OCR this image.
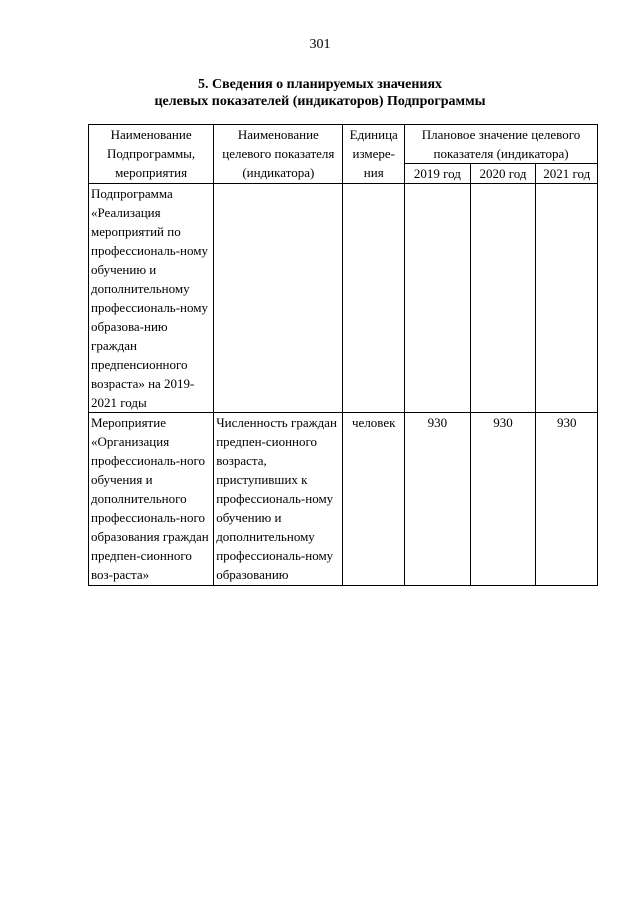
301
5. Сведения о планируемых значениях
целевых показателей (индикаторов) Подпрограммы
Наименование Подпрограммы, мероприятия	Наименование целевого показателя (индикатора)	Единица измере-ния	Плановое значение целевого показателя (индикатора)		
			2019 год	2020 год	2021 год
Подпрограмма «Реализация мероприятий по профессиональ-ному обучению и дополнительному профессиональ-ному образова-нию граждан предпенсионного возраста» на 2019-2021 годы					
Мероприятие «Организация профессиональ-ного обучения и дополнительного профессиональ-ного образования граждан предпен-сионного воз-раста»	Численность граждан предпен-сионного возраста, приступивших к профессиональ-ному обучению и дополнительному профессиональ-ному образованию	человек	930	930	930
